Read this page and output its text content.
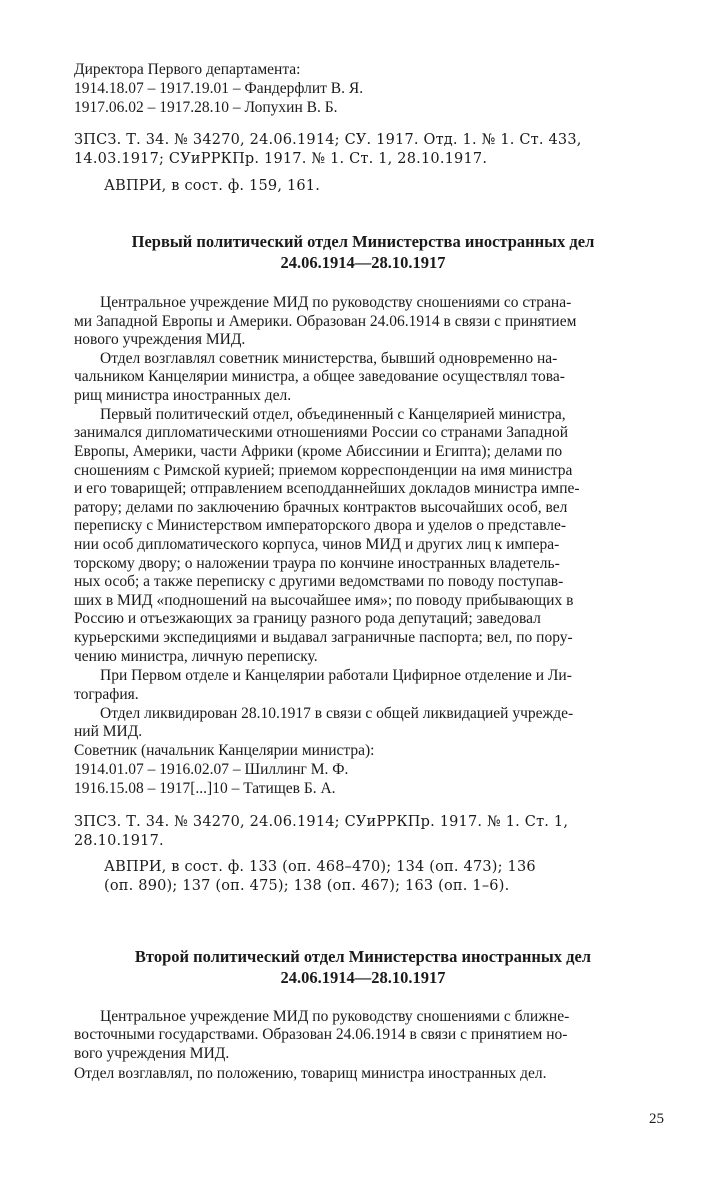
Директора Первого департамента:
1914.18.07 – 1917.19.01 – Фандерфлит В. Я.
1917.06.02 – 1917.28.10 – Лопухин В. Б.
ЗПСЗ. Т. 34. № 34270, 24.06.1914; СУ. 1917. Отд. 1. № 1. Ст. 433,
14.03.1917; СУиРРКПр. 1917. № 1. Ст. 1, 28.10.1917.
АВПРИ, в сост. ф. 159, 161.
Первый политический отдел Министерства иностранных дел
24.06.1914—28.10.1917
Центральное учреждение МИД по руководству сношениями со страна-
ми Западной Европы и Америки. Образован 24.06.1914 в связи с принятием
нового учреждения МИД.
Отдел возглавлял советник министерства, бывший одновременно на-
чальником Канцелярии министра, а общее заведование осуществлял това-
рищ министра иностранных дел.
Первый политический отдел, объединенный с Канцелярией министра,
занимался дипломатическими отношениями России со странами Западной
Европы, Америки, части Африки (кроме Абиссинии и Египта); делами по
сношениям с Римской курией; приемом корреспонденции на имя министра
и его товарищей; отправлением всеподданнейших докладов министра импе-
ратору; делами по заключению брачных контрактов высочайших особ, вел
переписку с Министерством императорского двора и уделов о представле-
нии особ дипломатического корпуса, чинов МИД и других лиц к импера-
торскому двору; о наложении траура по кончине иностранных владетель-
ных особ; а также переписку с другими ведомствами по поводу поступав-
ших в МИД «подношений на высочайшее имя»; по поводу прибывающих в
Россию и отъезжающих за границу разного рода депутаций; заведовал
курьерскими экспедициями и выдавал заграничные паспорта; вел, по пору-
чению министра, личную переписку.
При Первом отделе и Канцелярии работали Цифирное отделение и Ли-
тография.
Отдел ликвидирован 28.10.1917 в связи с общей ликвидацией учрежде-
ний МИД.
Советник (начальник Канцелярии министра):
1914.01.07 – 1916.02.07 – Шиллинг М. Ф.
1916.15.08 – 1917[...]10 – Татищев Б. А.
ЗПСЗ. Т. 34. № 34270, 24.06.1914; СУиРРКПр. 1917. № 1. Ст. 1,
28.10.1917.
АВПРИ, в сост. ф. 133 (оп. 468–470); 134 (оп. 473); 136
(оп. 890); 137 (оп. 475); 138 (оп. 467); 163 (оп. 1–6).
Второй политический отдел Министерства иностранных дел
24.06.1914—28.10.1917
Центральное учреждение МИД по руководству сношениями с ближне-
восточными государствами. Образован 24.06.1914 в связи с принятием но-
вого учреждения МИД.
Отдел возглавлял, по положению, товарищ министра иностранных дел.
25
